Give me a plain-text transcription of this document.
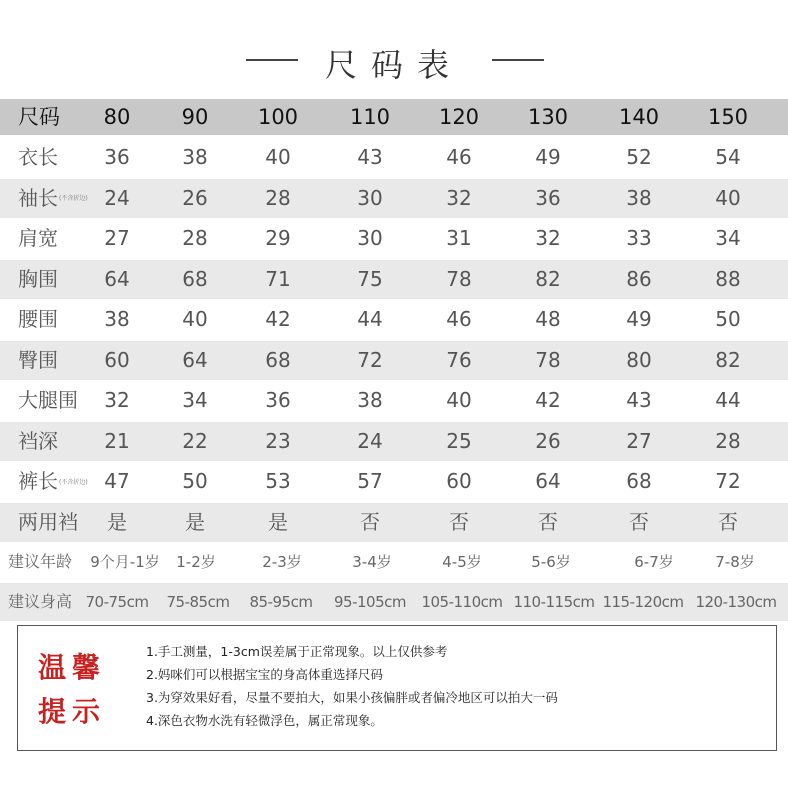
尺码表
尺码	80	90	100	110	120	130	140	150
衣长	36	38	40	43	46	49	52	54
袖长(不含折边) 24	26	28	30	32	36	38	40
肩宽	27	28	29	30	31	32	33	34
胸围	64	68	71	75	78	82	86	88
腰围	38	40	42	44	46	48	49	50
臀围	60	64	68	72	76	78	80	82
大腿围	32	34	36	38	40	42	43	44
裆深	21	22	23	24	25	26	27	28
裤长(不含折边) 47	50	53	57	60	64	68	72
两用裆	是	是	是	否	否	否	否	否
建议年龄	9个月-1岁	1-2岁	2-3岁	3-4岁	4-5岁	5-6岁	6-7岁	7-8岁
建议身高 70-75cm	75-85cm	85-95cm	95-105cm	105-110cm 110-115cm 115-120cm 120-130cm
温馨
提示
1.手工测量，1-3cm误差属于正常现象。以上仅供参考
2.妈咪们可以根据宝宝的身高体重选择尺码
3.为穿效果好看，尽量不要拍大，如果小孩偏胖或者偏冷地区可以拍大一码
4.深色衣物水洗有轻微浮色，属正常现象。
